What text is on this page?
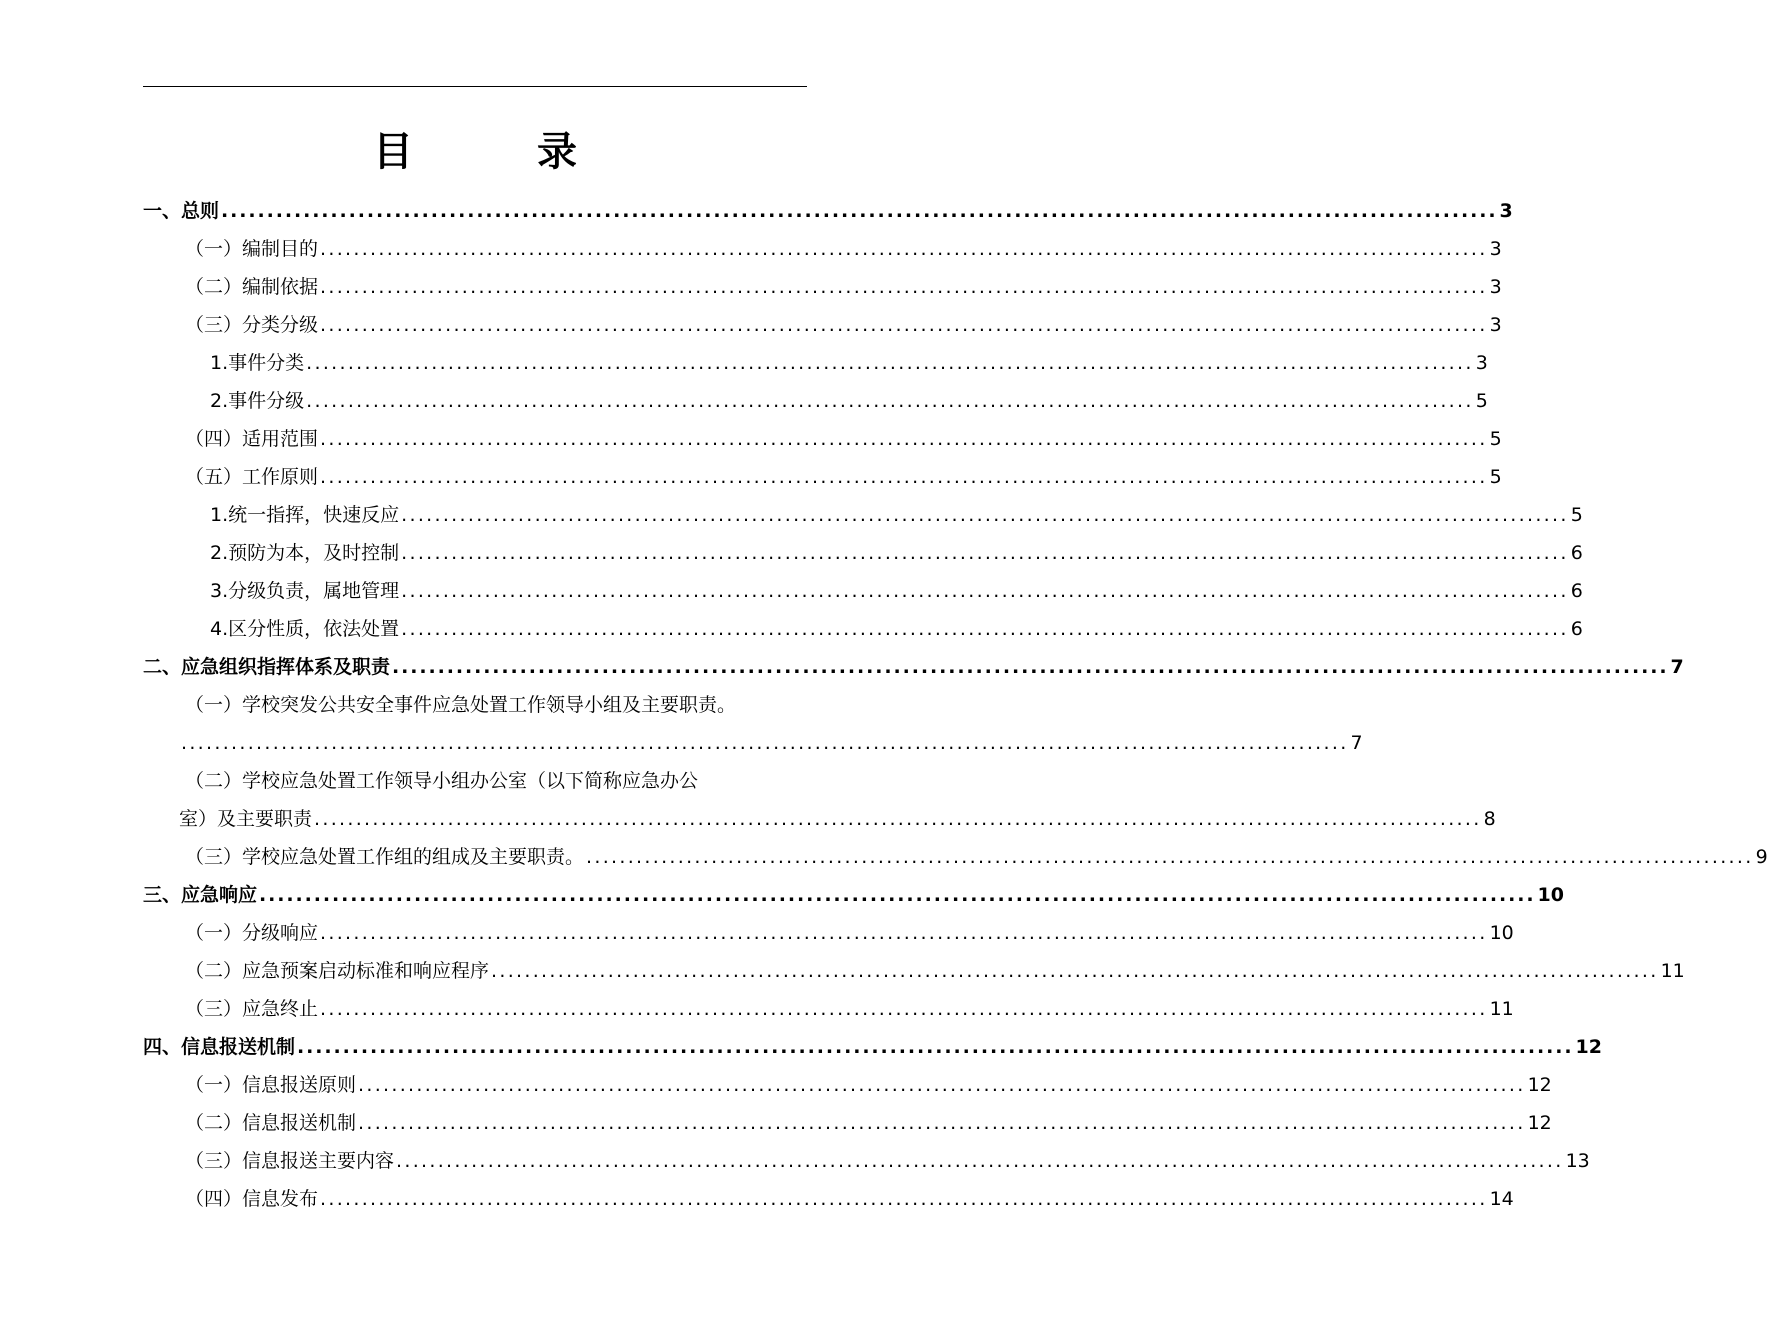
目　录
一、总则 ............................................................................................................................................ 3
（一）编制目的 ............................................................................................................................................ 3
（二）编制依据 ............................................................................................................................................ 3
（三）分类分级 ............................................................................................................................................ 3
1.事件分类 ............................................................................................................................................ 3
2.事件分级 ............................................................................................................................................ 5
（四）适用范围 ............................................................................................................................................ 5
（五）工作原则 ............................................................................................................................................ 5
1.统一指挥，快速反应 ............................................................................................................................................ 5
2.预防为本，及时控制 ............................................................................................................................................ 6
3.分级负责，属地管理 ............................................................................................................................................ 6
4.区分性质，依法处置 ............................................................................................................................................ 6
二、应急组织指挥体系及职责 ............................................................................................................................................ 7
（一）学校突发公共安全事件应急处置工作领导小组及主要职责。
............................................................................................................................................ 7
（二）学校应急处置工作领导小组办公室（以下简称应急办公
室）及主要职责 ............................................................................................................................................ 8
（三）学校应急处置工作组的组成及主要职责。 ............................................................................................................................................ 9
三、应急响应 ............................................................................................................................................ 10
（一）分级响应 ............................................................................................................................................ 10
（二）应急预案启动标准和响应程序 ............................................................................................................................................ 11
（三）应急终止 ............................................................................................................................................ 11
四、信息报送机制 ............................................................................................................................................ 12
（一）信息报送原则 ............................................................................................................................................ 12
（二）信息报送机制 ............................................................................................................................................ 12
（三）信息报送主要内容 ............................................................................................................................................ 13
（四）信息发布 ............................................................................................................................................ 14
